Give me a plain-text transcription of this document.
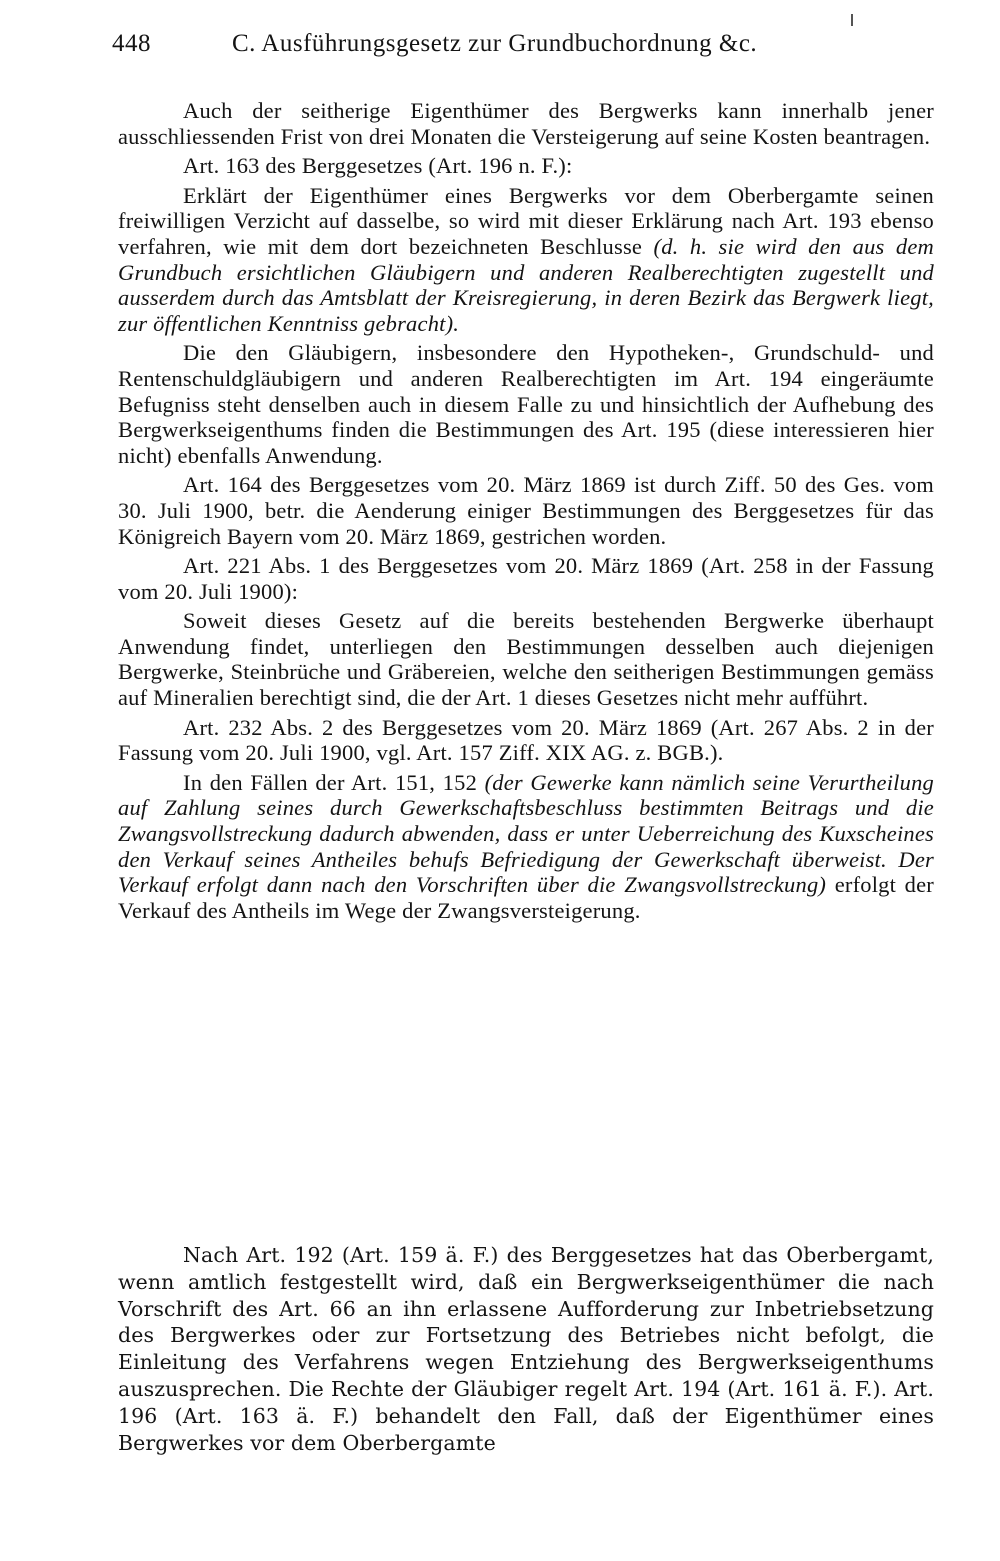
448	C. Ausführungsgesetz zur Grundbuchordnung &c.

Auch der seitherige Eigenthümer des Bergwerks kann innerhalb jener ausschliessenden Frist von drei Monaten die Versteigerung auf seine Kosten beantragen.

Art. 163 des Berggesetzes (Art. 196 n. F.):

Erklärt der Eigenthümer eines Bergwerks vor dem Oberbergamte seinen freiwilligen Verzicht auf dasselbe, so wird mit dieser Erklärung nach Art. 193 ebenso verfahren, wie mit dem dort bezeichneten Beschlusse (d. h. sie wird den aus dem Grundbuch ersichtlichen Gläubigern und anderen Realberechtigten zugestellt und ausserdem durch das Amtsblatt der Kreisregierung, in deren Bezirk das Bergwerk liegt, zur öffentlichen Kenntniss gebracht).

Die den Gläubigern, insbesondere den Hypotheken-, Grundschuld- und Rentenschuldgläubigern und anderen Realberechtigten im Art. 194 eingeräumte Befugniss steht denselben auch in diesem Falle zu und hinsichtlich der Aufhebung des Bergwerkseigenthums finden die Bestimmungen des Art. 195 (diese interessieren hier nicht) ebenfalls Anwendung.

Art. 164 des Berggesetzes vom 20. März 1869 ist durch Ziff. 50 des Ges. vom 30. Juli 1900, betr. die Aenderung einiger Bestimmungen des Berggesetzes für das Königreich Bayern vom 20. März 1869, gestrichen worden.

Art. 221 Abs. 1 des Berggesetzes vom 20. März 1869 (Art. 258 in der Fassung vom 20. Juli 1900):

Soweit dieses Gesetz auf die bereits bestehenden Bergwerke überhaupt Anwendung findet, unterliegen den Bestimmungen desselben auch diejenigen Bergwerke, Steinbrüche und Gräbereien, welche den seitherigen Bestimmungen gemäss auf Mineralien berechtigt sind, die der Art. 1 dieses Gesetzes nicht mehr aufführt.

Art. 232 Abs. 2 des Berggesetzes vom 20. März 1869 (Art. 267 Abs. 2 in der Fassung vom 20. Juli 1900, vgl. Art. 157 Ziff. XIX AG. z. BGB.).

In den Fällen der Art. 151, 152 (der Gewerke kann nämlich seine Verurtheilung auf Zahlung seines durch Gewerkschaftsbeschluss bestimmten Beitrags und die Zwangsvollstreckung dadurch abwenden, dass er unter Ueberreichung des Kuxscheines den Verkauf seines Antheiles behufs Befriedigung der Gewerkschaft überweist. Der Verkauf erfolgt dann nach den Vorschriften über die Zwangsvollstreckung) erfolgt der Verkauf des Antheils im Wege der Zwangsversteigerung.

Nach Art. 192 (Art. 159 ä. F.) des Berggesetzes hat das Oberbergamt, wenn amtlich festgestellt wird, daß ein Bergwerkseigenthümer die nach Vorschrift des Art. 66 an ihn erlassene Aufforderung zur Inbetriebsetzung des Bergwerkes oder zur Fortsetzung des Betriebes nicht befolgt, die Einleitung des Verfahrens wegen Entziehung des Bergwerkseigenthums auszusprechen. Die Rechte der Gläubiger regelt Art. 194 (Art. 161 ä. F.). Art. 196 (Art. 163 ä. F.) behandelt den Fall, daß der Eigenthümer eines Bergwerkes vor dem Oberbergamte
